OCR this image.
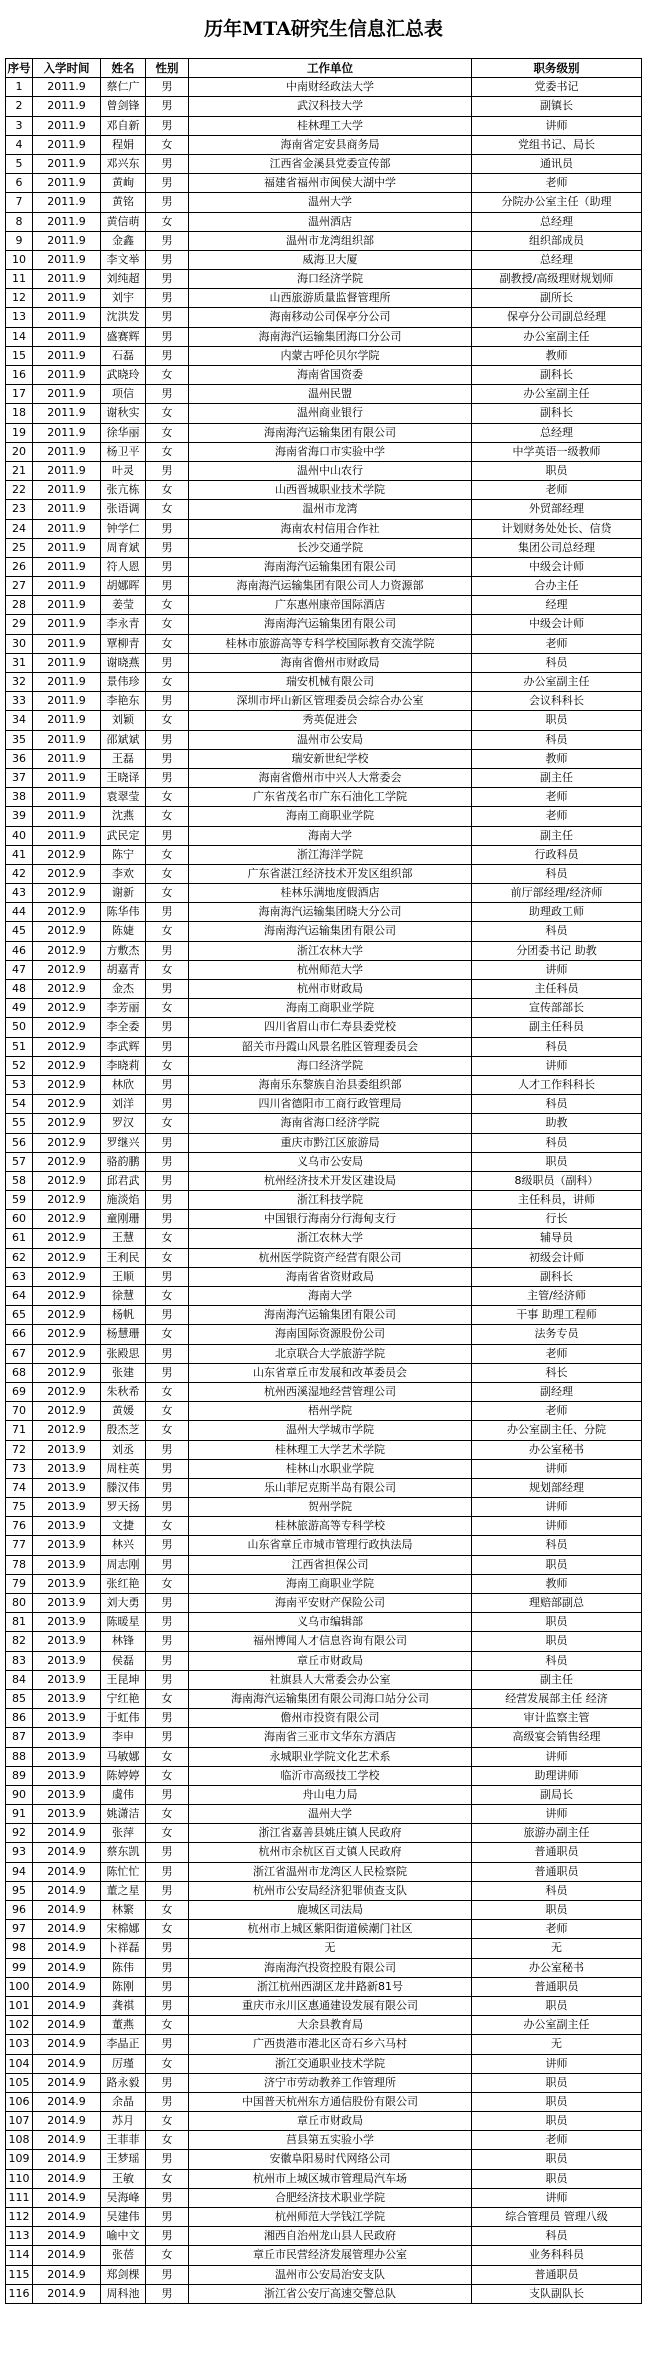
历年MTA研究生信息汇总表
序号	入学时间	姓名	性别	工作单位	职务级别
1	2011.9	蔡仁广	男	中南财经政法大学	党委书记
2	2011.9	曾剑锋	男	武汉科技大学	副镇长
3	2011.9	邓自新	男	桂林理工大学	讲师
4	2011.9	程娟	女	海南省定安县商务局	党组书记、局长
5	2011.9	邓兴东	男	江西省金溪县党委宣传部	通讯员
6	2011.9	黄峋	男	福建省福州市闽侯大湖中学	老师
7	2011.9	黄铭	男	温州大学	分院办公室主任（助理
8	2011.9	黄信萌	女	温州酒店	总经理
9	2011.9	金鑫	男	温州市龙湾组织部	组织部成员
10	2011.9	李文举	男	威海卫大厦	总经理
11	2011.9	刘纯超	男	海口经济学院	副教授/高级理财规划师
12	2011.9	刘宇	男	山西旅游质量监督管理所	副所长
13	2011.9	沈洪发	男	海南移动公司保亭分公司	保亭分公司副总经理
14	2011.9	盛赛辉	男	海南海汽运输集团海口分公司	办公室副主任
15	2011.9	石磊	男	内蒙古呼伦贝尔学院	教师
16	2011.9	武晓玲	女	海南省国资委	副科长
17	2011.9	项信	男	温州民盟	办公室副主任
18	2011.9	谢秋实	女	温州商业银行	副科长
19	2011.9	徐华丽	女	海南海汽运输集团有限公司	总经理
20	2011.9	杨卫平	女	海南省海口市实验中学	中学英语一级教师
21	2011.9	叶灵	男	温州中山农行	职员
22	2011.9	张亢栋	女	山西晋城职业技术学院	老师
23	2011.9	张语调	女	温州市龙湾	外贸部经理
24	2011.9	钟学仁	男	海南农村信用合作社	计划财务处处长、信贷
25	2011.9	周育斌	男	长沙交通学院	集团公司总经理
26	2011.9	符人恩	男	海南海汽运输集团有限公司	中级会计师
27	2011.9	胡娜晖	男	海南海汽运输集团有限公司人力资源部	合办主任
28	2011.9	姜莹	女	广东惠州康帝国际酒店	经理
29	2011.9	李永青	女	海南海汽运输集团有限公司	中级会计师
30	2011.9	覃柳青	女	桂林市旅游高等专科学校国际教育交流学院	老师
31	2011.9	谢晓燕	男	海南省儋州市财政局	科员
32	2011.9	景伟珍	女	瑞安机械有限公司	办公室副主任
33	2011.9	李艳东	男	深圳市坪山新区管理委员会综合办公室	会议科科长
34	2011.9	刘颖	女	秀英促进会	职员
35	2011.9	邵斌斌	男	温州市公安局	科员
36	2011.9	王磊	男	瑞安新世纪学校	教师
37	2011.9	王晓译	男	海南省儋州市中兴人大常委会	副主任
38	2011.9	袁翠莹	女	广东省茂名市广东石油化工学院	老师
39	2011.9	沈燕	女	海南工商职业学院	老师
40	2011.9	武民定	男	海南大学	副主任
41	2012.9	陈宁	女	浙江海洋学院	行政科员
42	2012.9	李欢	女	广东省湛江经济技术开发区组织部	科员
43	2012.9	谢新	女	桂林乐满地度假酒店	前厅部经理/经济师
44	2012.9	陈华伟	男	海南海汽运输集团晓大分公司	助理政工师
45	2012.9	陈婕	女	海南海汽运输集团有限公司	科员
46	2012.9	方敷杰	男	浙江农林大学	分团委书记 助教
47	2012.9	胡嘉青	女	杭州师范大学	讲师
48	2012.9	金杰	男	杭州市财政局	主任科员
49	2012.9	李芳丽	女	海南工商职业学院	宣传部部长
50	2012.9	李全委	男	四川省眉山市仁寿县委党校	副主任科员
51	2012.9	李武辉	男	韶关市丹霞山风景名胜区管理委员会	科员
52	2012.9	李晓莉	女	海口经济学院	讲师
53	2012.9	林欣	男	海南乐东黎族自治县委组织部	人才工作科科长
54	2012.9	刘洋	男	四川省德阳市工商行政管理局	科员
55	2012.9	罗汉	女	海南省海口经济学院	助教
56	2012.9	罗继兴	男	重庆市黔江区旅游局	科员
57	2012.9	骆韵鹏	男	义乌市公安局	职员
58	2012.9	邱君武	男	杭州经济技术开发区建设局	8级职员（副科）
59	2012.9	施淡焰	男	浙江科技学院	主任科员，讲师
60	2012.9	童刚珊	男	中国银行海南分行海甸支行	行长
61	2012.9	王慧	女	浙江农林大学	辅导员
62	2012.9	王利民	女	杭州医学院资产经营有限公司	初级会计师
63	2012.9	王顺	男	海南省省资财政局	副科长
64	2012.9	徐慧	女	海南大学	主管/经济师
65	2012.9	杨帆	男	海南海汽运输集团有限公司	干事 助理工程师
66	2012.9	杨慧珊	女	海南国际资源股份公司	法务专员
67	2012.9	张殿思	男	北京联合大学旅游学院	老师
68	2012.9	张建	男	山东省章丘市发展和改革委员会	科长
69	2012.9	朱秋希	女	杭州西溪湿地经营管理公司	副经理
70	2012.9	黄媛	女	梧州学院	老师
71	2012.9	殷杰芝	女	温州大学城市学院	办公室副主任、分院
72	2013.9	刘丞	男	桂林理工大学艺术学院	办公室秘书
73	2013.9	周柱英	男	桂林山水职业学院	讲师
74	2013.9	滕汉伟	男	乐山菲尼克斯半岛有限公司	规划部经理
75	2013.9	罗天扬	男	贺州学院	讲师
76	2013.9	文捷	女	桂林旅游高等专科学校	讲师
77	2013.9	林兴	男	山东省章丘市城市管理行政执法局	科员
78	2013.9	周志刚	男	江西省担保公司	职员
79	2013.9	张红艳	女	海南工商职业学院	教师
80	2013.9	刘大勇	男	海南平安财产保险公司	理赔部副总
81	2013.9	陈暖星	男	义乌市编辑部	职员
82	2013.9	林锋	男	福州博闻人才信息咨询有限公司	职员
83	2013.9	侯磊	男	章丘市财政局	科员
84	2013.9	王昆坤	男	社旗县人大常委会办公室	副主任
85	2013.9	宁红艳	女	海南海汽运输集团有限公司海口站分公司	经营发展部主任 经济
86	2013.9	于虹伟	男	儋州市投资有限公司	审计监察主管
87	2013.9	李申	男	海南省三亚市文华东方酒店	高级宴会销售经理
88	2013.9	马敏娜	女	永城职业学院文化艺术系	讲师
89	2013.9	陈婷婷	女	临沂市高级技工学校	助理讲师
90	2013.9	虞伟	男	舟山电力局	副局长
91	2013.9	姚潇洁	女	温州大学	讲师
92	2014.9	张萍	女	浙江省嘉善县姚庄镇人民政府	旅游办副主任
93	2014.9	蔡东凯	男	杭州市余杭区百丈镇人民政府	普通职员
94	2014.9	陈忙忙	男	浙江省温州市龙湾区人民检察院	普通职员
95	2014.9	董之星	男	杭州市公安局经济犯罪侦查支队	科员
96	2014.9	林繁	女	鹿城区司法局	职员
97	2014.9	宋棉娜	女	杭州市上城区紫阳街道候潮门社区	老师
98	2014.9	卜祥磊	男	无	无
99	2014.9	陈伟	男	海南海汽投资控股有限公司	办公室秘书
100	2014.9	陈刚	男	浙江杭州西湖区龙井路新81号	普通职员
101	2014.9	龚祺	男	重庆市永川区惠通建设发展有限公司	职员
102	2014.9	董燕	女	大余县教育局	办公室副主任
103	2014.9	李晶正	男	广西贵港市港北区奇石乡六马村	无
104	2014.9	厉瑾	女	浙江交通职业技术学院	讲师
105	2014.9	路永毅	男	济宁市劳动教养工作管理所	职员
106	2014.9	余晶	男	中国普天杭州东方通信股份有限公司	职员
107	2014.9	苏月	女	章丘市财政局	职员
108	2014.9	王菲菲	女	莒县第五实验小学	老师
109	2014.9	王梦瑶	男	安徽阜阳易时代网络公司	职员
110	2014.9	王敏	女	杭州市上城区城市管理局汽车场	职员
111	2014.9	吴海峰	男	合肥经济技术职业学院	讲师
112	2014.9	吴建伟	男	杭州师范大学钱江学院	综合管理员 管理八级
113	2014.9	喻中文	男	湘西自治州龙山县人民政府	科员
114	2014.9	张蓓	女	章丘市民营经济发展管理办公室	业务科科员
115	2014.9	郑剑棵	男	温州市公安局治安支队	普通职员
116	2014.9	周科池	男	浙江省公安厅高速交警总队	支队副队长
